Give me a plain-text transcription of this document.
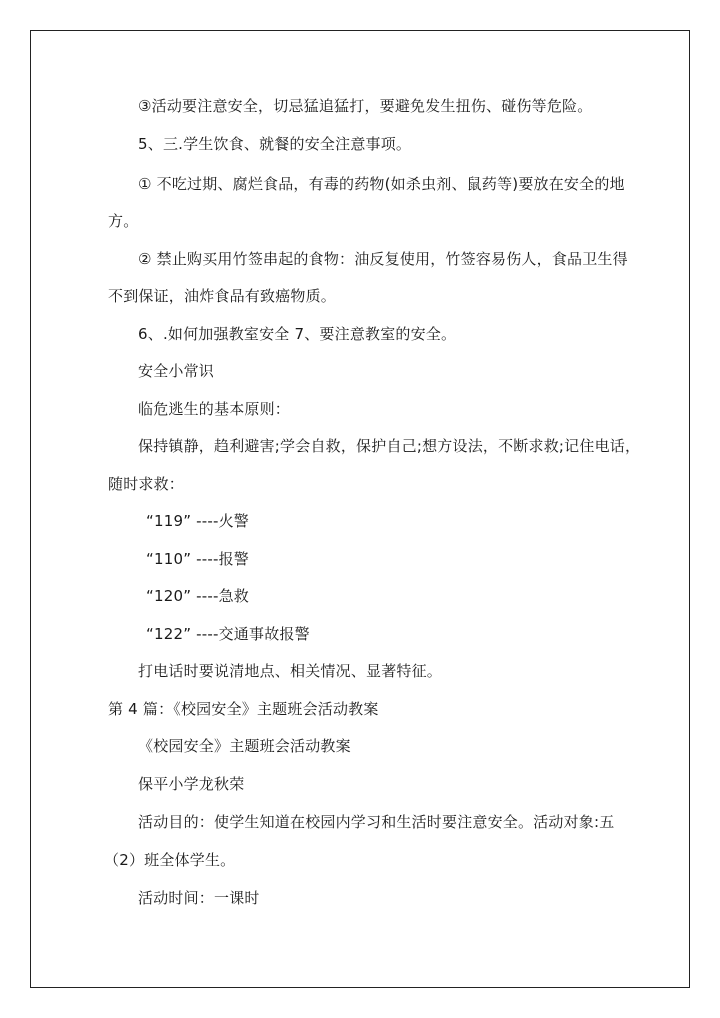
③活动要注意安全，切忌猛追猛打，要避免发生扭伤、碰伤等危险。
5、三.学生饮食、就餐的安全注意事项。
① 不吃过期、腐烂食品，有毒的药物(如杀虫剂、鼠药等)要放在安全的地
方。
② 禁止购买用竹签串起的食物：油反复使用，竹签容易伤人，食品卫生得
不到保证，油炸食品有致癌物质。
6、.如何加强教室安全 7、要注意教室的安全。
安全小常识
临危逃生的基本原则：
保持镇静，趋利避害;学会自救，保护自己;想方设法，不断求救;记住电话，
随时求救：
“119” ----火警
“110” ----报警
“120” ----急救
“122” ----交通事故报警
打电话时要说清地点、相关情况、显著特征。
第 4 篇：《校园安全》主题班会活动教案
《校园安全》主题班会活动教案
保平小学龙秋荣
活动目的：使学生知道在校园内学习和生活时要注意安全。活动对象:五
（2）班全体学生。
活动时间：一课时
